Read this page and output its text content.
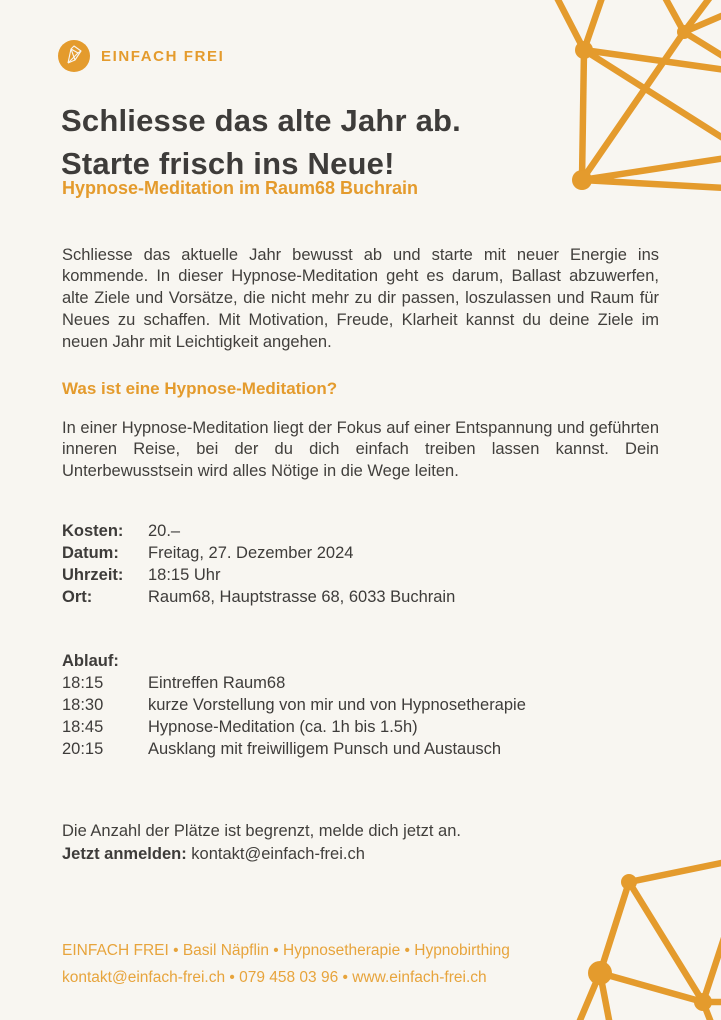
EINFACH FREI
Schliesse das alte Jahr ab.
Starte frisch ins Neue!
Hypnose-Meditation im Raum68 Buchrain

Schliesse das aktuelle Jahr bewusst ab und starte mit neuer Energie ins kommende. In dieser Hypnose-Meditation geht es darum, Ballast abzuwerfen, alte Ziele und Vorsätze, die nicht mehr zu dir passen, loszulassen und Raum für Neues zu schaffen. Mit Motivation, Freude, Klarheit kannst du deine Ziele im neuen Jahr mit Leichtigkeit angehen.

Was ist eine Hypnose-Meditation?

In einer Hypnose-Meditation liegt der Fokus auf einer Entspannung und geführten inneren Reise, bei der du dich einfach treiben lassen kannst. Dein Unterbewusstsein wird alles Nötige in die Wege leiten.

Kosten:	20.–
Datum:	Freitag, 27. Dezember 2024
Uhrzeit:	18:15 Uhr
Ort:	Raum68, Hauptstrasse 68, 6033 Buchrain
Ablauf:
18:15	Eintreffen Raum68
18:30	kurze Vorstellung von mir und von Hypnosetherapie
18:45	Hypnose-Meditation (ca. 1h bis 1.5h)
20:15	Ausklang mit freiwilligem Punsch und Austausch

Die Anzahl der Plätze ist begrenzt, melde dich jetzt an.

Jetzt anmelden: kontakt@einfach-frei.ch
EINFACH FREI • Basil Näpflin • Hypnosetherapie • Hypnobirthing
kontakt@einfach-frei.ch • 079 458 03 96 • www.einfach-frei.ch
